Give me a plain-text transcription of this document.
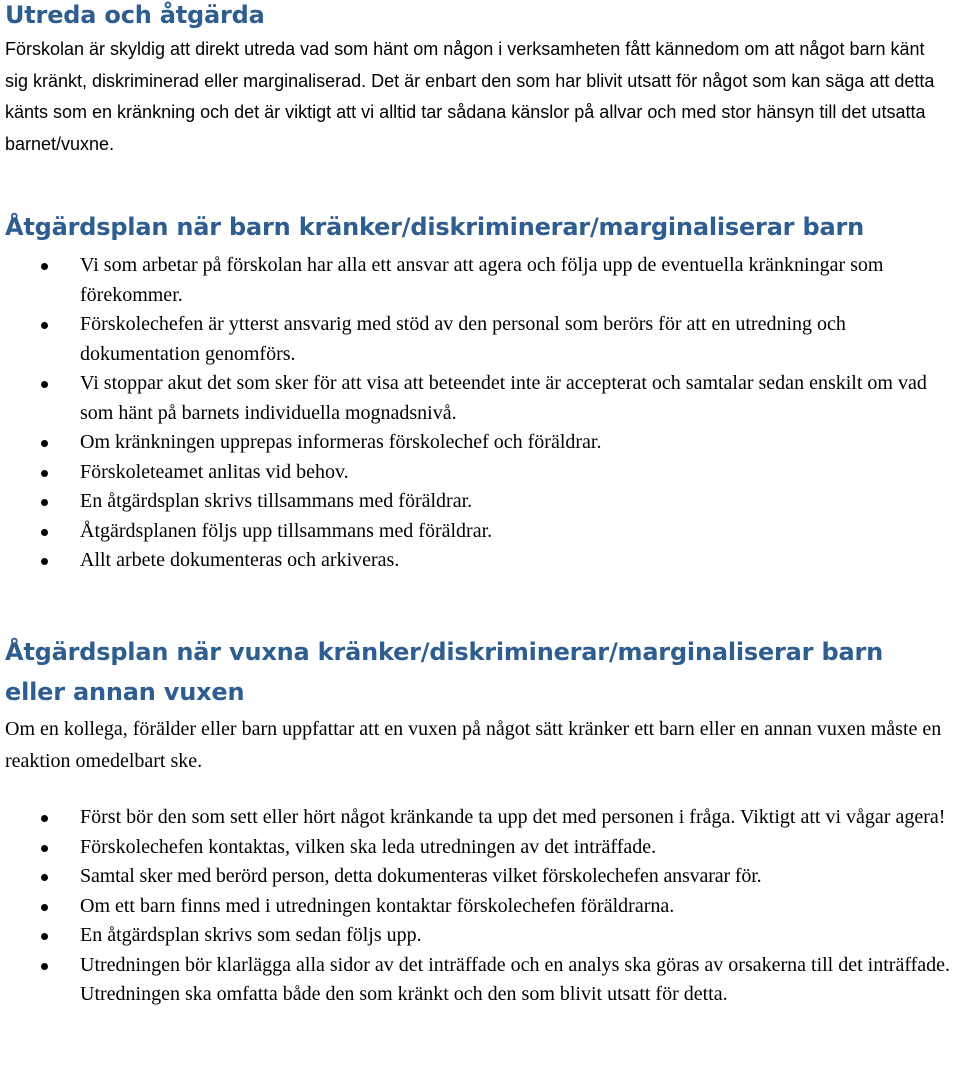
Utreda och åtgärda

Förskolan är skyldig att direkt utreda vad som hänt om någon i verksamheten fått kännedom om att något barn känt sig kränkt, diskriminerad eller marginaliserad. Det är enbart den som har blivit utsatt för något som kan säga att detta känts som en kränkning och det är viktigt att vi alltid tar sådana känslor på allvar och med stor hänsyn till det utsatta barnet/vuxne.

Åtgärdsplan när barn kränker/diskriminerar/marginaliserar barn
Vi som arbetar på förskolan har alla ett ansvar att agera och följa upp de eventuella kränkningar som förekommer.
Förskolechefen är ytterst ansvarig med stöd av den personal som berörs för att en utredning och dokumentation genomförs.
Vi stoppar akut det som sker för att visa att beteendet inte är accepterat och samtalar sedan enskilt om vad som hänt på barnets individuella mognadsnivå.
Om kränkningen upprepas informeras förskolechef och föräldrar.
Förskoleteamet anlitas vid behov.
En åtgärdsplan skrivs tillsammans med föräldrar.
Åtgärdsplanen följs upp tillsammans med föräldrar.
Allt arbete dokumenteras och arkiveras.
Åtgärdsplan när vuxna kränker/diskriminerar/marginaliserar barn eller annan vuxen

Om en kollega, förälder eller barn uppfattar att en vuxen på något sätt kränker ett barn eller en annan vuxen måste en reaktion omedelbart ske.

Först bör den som sett eller hört något kränkande ta upp det med personen i fråga. Viktigt att vi vågar agera!
Förskolechefen kontaktas, vilken ska leda utredningen av det inträffade.
Samtal sker med berörd person, detta dokumenteras vilket förskolechefen ansvarar för.
Om ett barn finns med i utredningen kontaktar förskolechefen föräldrarna.
En åtgärdsplan skrivs som sedan följs upp.
Utredningen bör klarlägga alla sidor av det inträffade och en analys ska göras av orsakerna till det inträffade. Utredningen ska omfatta både den som kränkt och den som blivit utsatt för detta.
